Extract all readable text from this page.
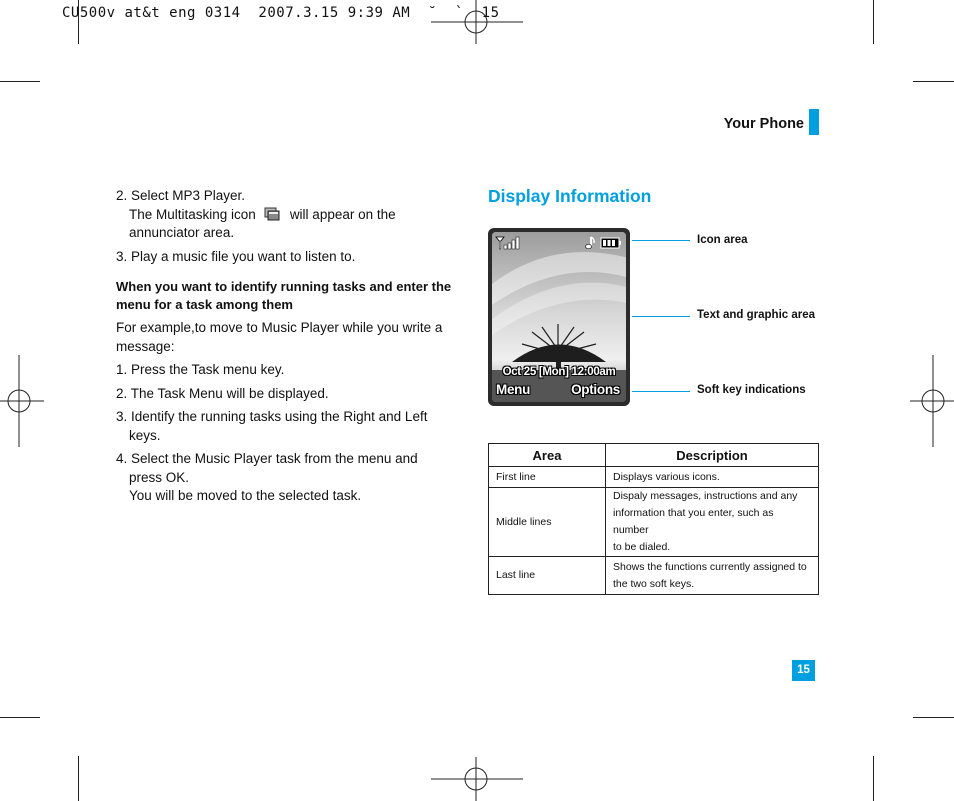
CU500v at&t eng 0314  2007.3.15 9:39 AM  ˘  `  15
Your Phone
2. Select MP3 Player.
The Multitasking icon	will appear on the
annunciator area.
3. Play a music file you want to listen to.
When you want to identify running tasks and enter the
menu for a task among them
For example,to move to Music Player while you write a
message:
1. Press the Task menu key.
2. The Task Menu will be displayed.
3. Identify the running tasks using the Right and Left
keys.
4. Select the Music Player task from the menu and
press OK.
You will be moved to the selected task.
Display Information
Oct 25 [Mon] 12:00am
Menu	Options
Icon area
Text and graphic area
Soft key indications
Area	Description
First line	Displays various icons.

Middle lines	Dispaly messages, instructions and any
information that you enter, such as number
to be dialed.

Last line	Shows the functions currently assigned to
the two soft keys.
15
